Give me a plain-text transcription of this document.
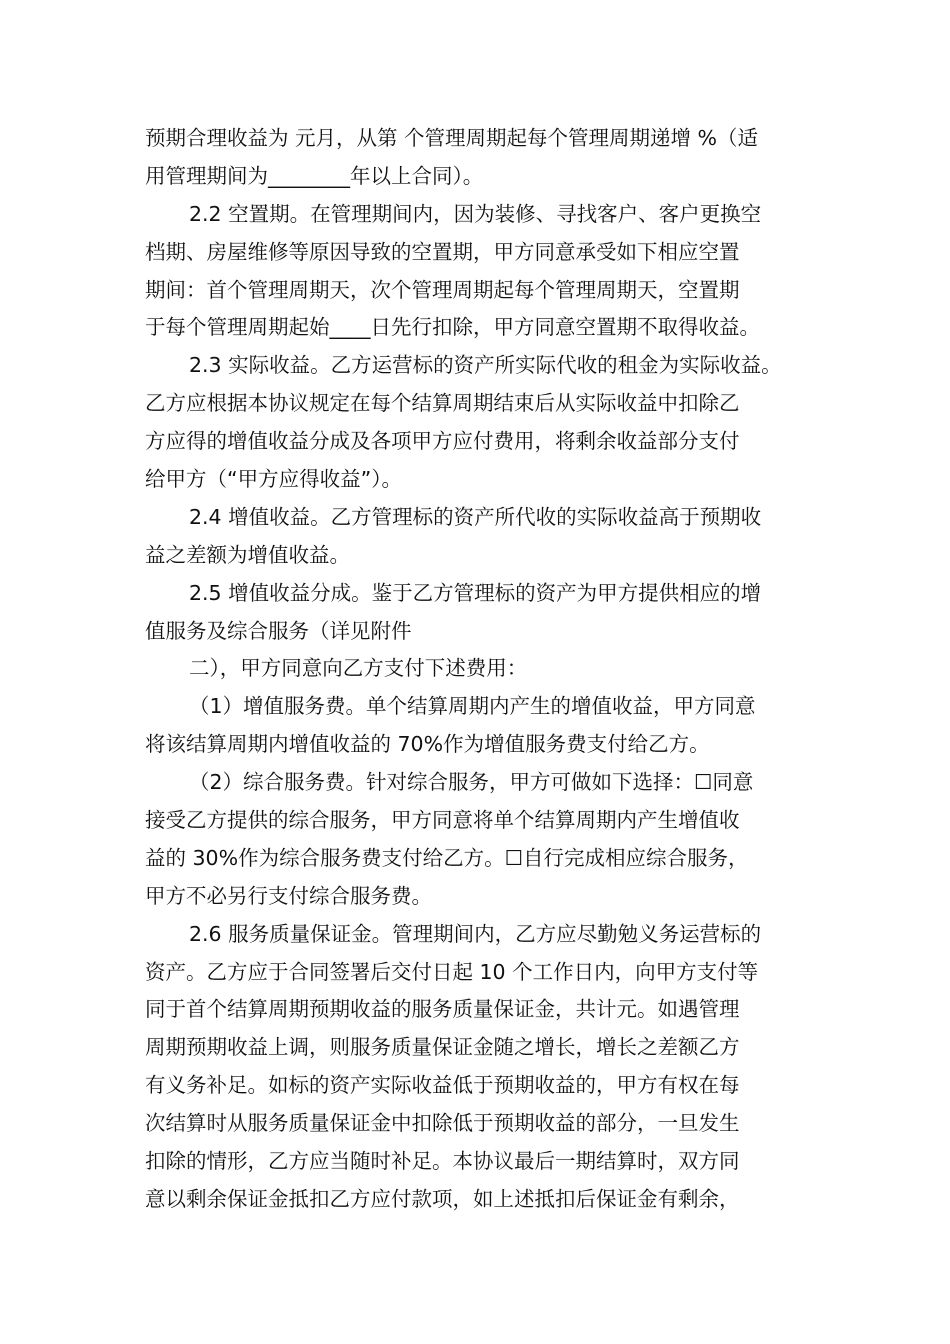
预期合理收益为 元月，从第 个管理周期起每个管理周期递增 %（适
用管理期间为________年以上合同）。
2.2 空置期。在管理期间内，因为装修、寻找客户、客户更换空
档期、房屋维修等原因导致的空置期，甲方同意承受如下相应空置
期间：首个管理周期天，次个管理周期起每个管理周期天，空置期
于每个管理周期起始____日先行扣除，甲方同意空置期不取得收益。
2.3 实际收益。乙方运营标的资产所实际代收的租金为实际收益。
乙方应根据本协议规定在每个结算周期结束后从实际收益中扣除乙
方应得的增值收益分成及各项甲方应付费用，将剩余收益部分支付
给甲方（“甲方应得收益”）。
2.4 增值收益。乙方管理标的资产所代收的实际收益高于预期收
益之差额为增值收益。
2.5 增值收益分成。鉴于乙方管理标的资产为甲方提供相应的增
值服务及综合服务（详见附件
二），甲方同意向乙方支付下述费用：
（1）增值服务费。单个结算周期内产生的增值收益，甲方同意
将该结算周期内增值收益的 70%作为增值服务费支付给乙方。
（2）综合服务费。针对综合服务，甲方可做如下选择：☐同意
接受乙方提供的综合服务，甲方同意将单个结算周期内产生增值收
益的 30%作为综合服务费支付给乙方。☐自行完成相应综合服务，
甲方不必另行支付综合服务费。
2.6 服务质量保证金。管理期间内，乙方应尽勤勉义务运营标的
资产。乙方应于合同签署后交付日起 10 个工作日内，向甲方支付等
同于首个结算周期预期收益的服务质量保证金，共计元。如遇管理
周期预期收益上调，则服务质量保证金随之增长，增长之差额乙方
有义务补足。如标的资产实际收益低于预期收益的，甲方有权在每
次结算时从服务质量保证金中扣除低于预期收益的部分，一旦发生
扣除的情形，乙方应当随时补足。本协议最后一期结算时，双方同
意以剩余保证金抵扣乙方应付款项，如上述抵扣后保证金有剩余，
